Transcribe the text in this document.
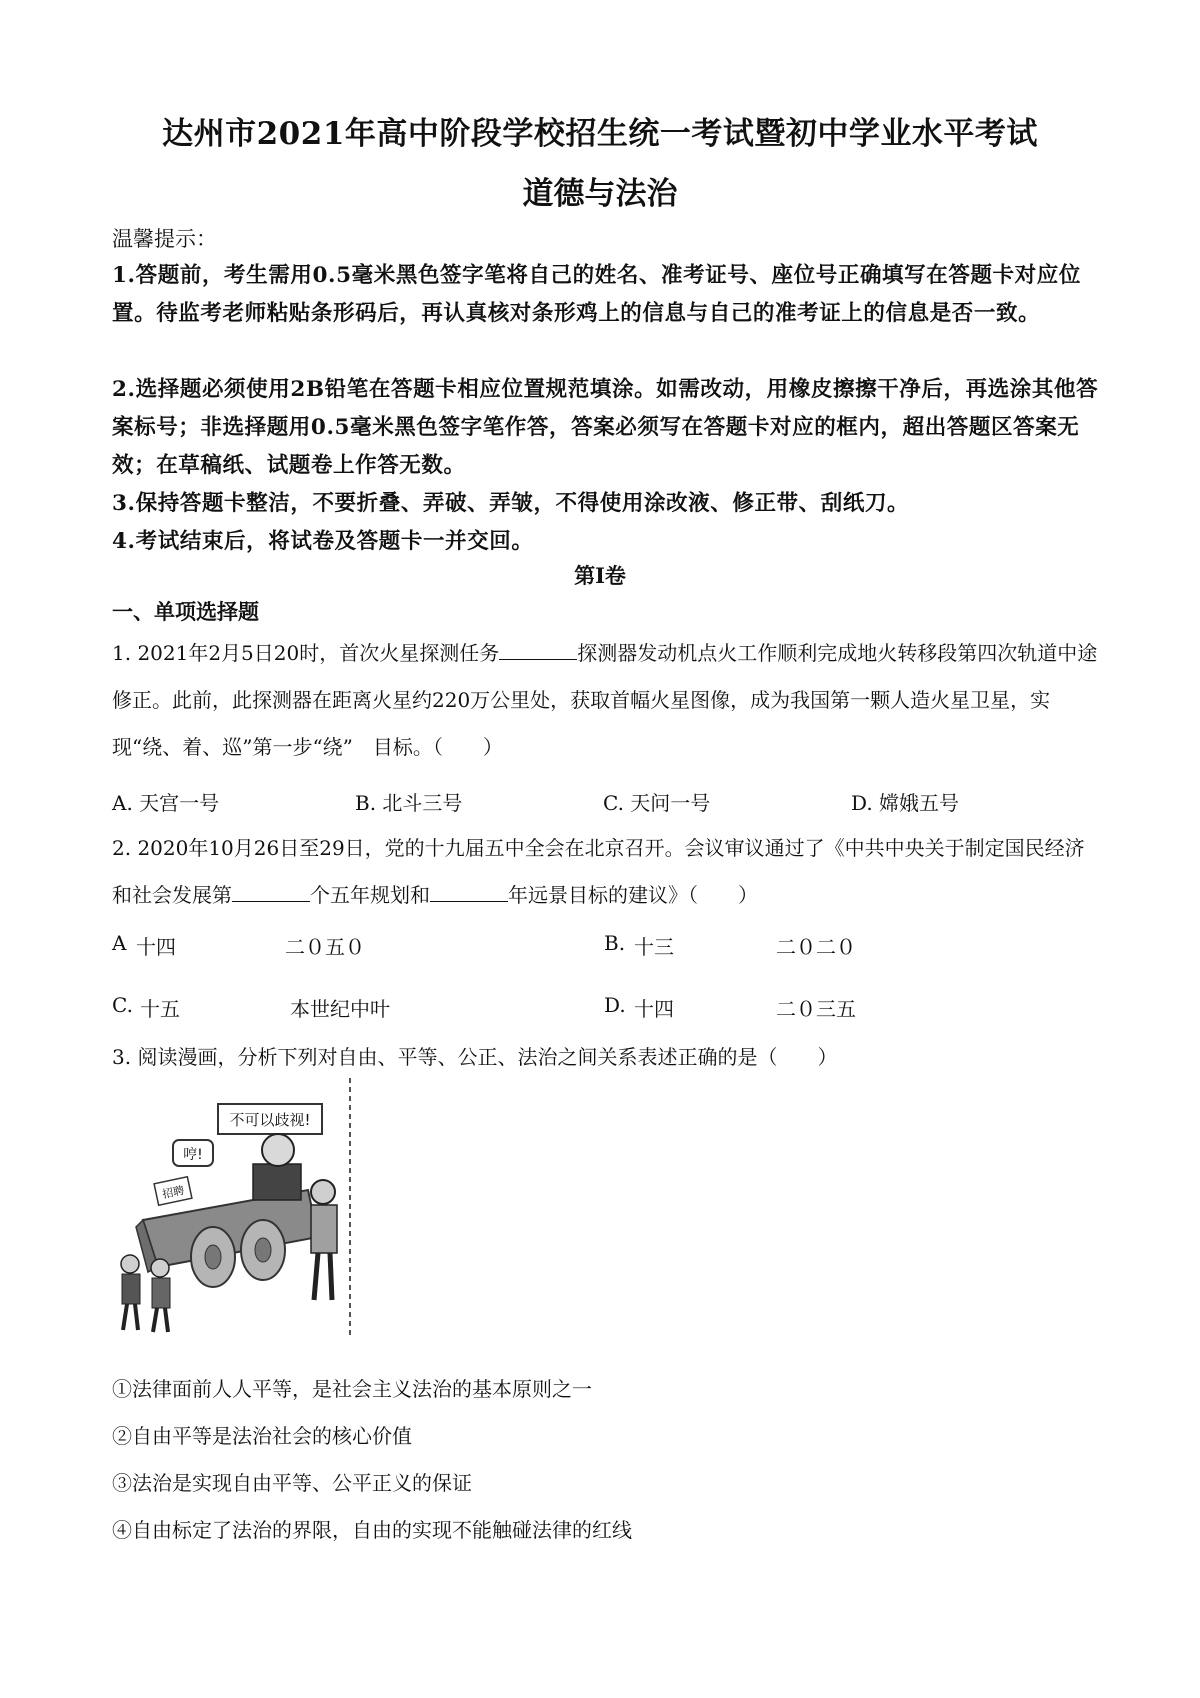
达州市2021年高中阶段学校招生统一考试暨初中学业水平考试
道德与法治
温馨提示：
1.答题前，考生需用0.5毫米黑色签字笔将自己的姓名、准考证号、座位号正确填写在答题卡对应位置。待监考老师粘贴条形码后，再认真核对条形鸡上的信息与自己的准考证上的信息是否一致。
2.选择题必须使用2B铅笔在答题卡相应位置规范填涂。如需改动，用橡皮擦擦干净后，再选涂其他答案标号；非选择题用0.5毫米黑色签字笔作答，答案必须写在答题卡对应的框内，超出答题区答案无效；在草稿纸、试题卷上作答无数。
3.保持答题卡整洁，不要折叠、弄破、弄皱，不得使用涂改液、修正带、刮纸刀。
4.考试结束后，将试卷及答题卡一并交回。
第Ⅰ卷
一、单项选择题
1. 2021年2月5日20时，首次火星探测任务	探测器发动机点火工作顺利完成地火转移段第四次轨道中途修正。此前，此探测器在距离火星约220万公里处，获取首幅火星图像，成为我国第一颗人造火星卫星，实现“绕、着、巡”第一步“绕”　目标。（　　）
A. 天宫一号	B. 北斗三号	C. 天问一号	D. 嫦娥五号
2. 2020年10月26日至29日，党的十九届五中全会在北京召开。会议审议通过了《中共中央关于制定国民经济和社会发展第	个五年规划和	年远景目标的建议》（　　）
A 十四	二０五０	B. 十三	二０二０
C. 十五	本世纪中叶	D. 十四	二０三五
3. 阅读漫画，分析下列对自由、平等、公正、法治之间关系表述正确的是（　　）
不可以歧视!
哼!
招聘
①法律面前人人平等，是社会主义法治的基本原则之一
②自由平等是法治社会的核心价值
③法治是实现自由平等、公平正义的保证
④自由标定了法治的界限，自由的实现不能触碰法律的红线
